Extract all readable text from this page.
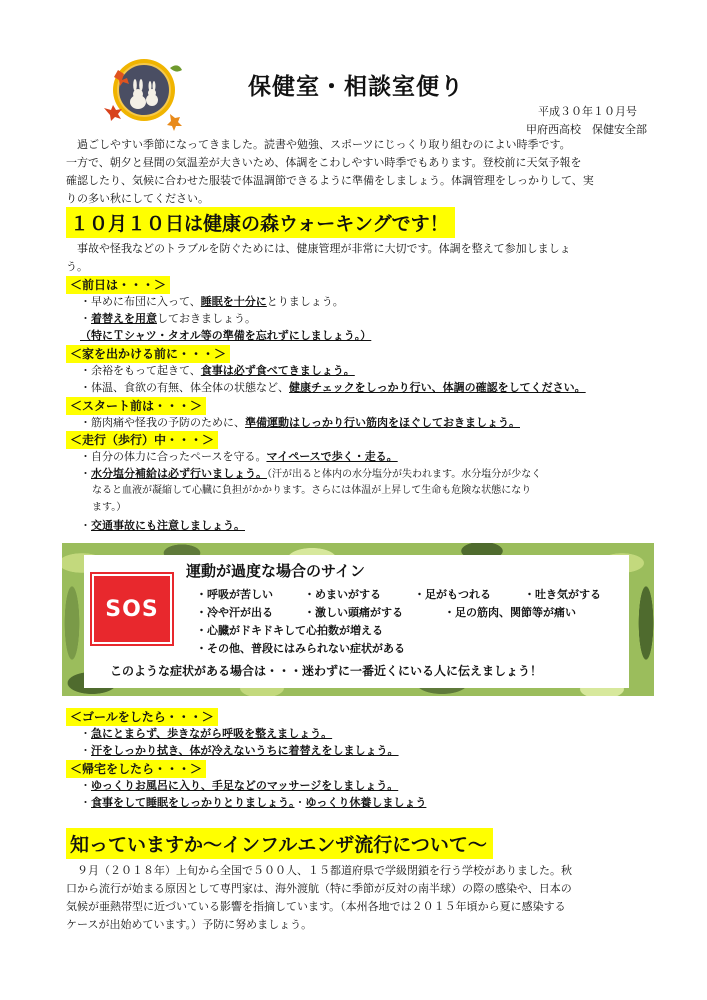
保健室・相談室便り
平成３０年１０月号
甲府西高校　保健安全部
　過ごしやすい季節になってきました。読書や勉強、スポーツにじっくり取り組むのによい時季です。
一方で、朝夕と昼間の気温差が大きいため、体調をこわしやすい時季でもあります。登校前に天気予報を
確認したり、気候に合わせた服装で体温調節できるように準備をしましょう。体調管理をしっかりして、実
りの多い秋にしてください。
１０月１０日は健康の森ウォーキングです！
　事故や怪我などのトラブルを防ぐためには、健康管理が非常に大切です。体調を整えて参加しましょ
う。
＜前日は・・・＞
・早めに布団に入って、睡眠を十分にとりましょう。
・着替えを用意しておきましょう。
（特にＴシャツ・タオル等の準備を忘れずにしましょう。）
＜家を出かける前に・・・＞
・余裕をもって起きて、食事は必ず食べてきましょう。
・体温、食欲の有無、体全体の状態など、健康チェックをしっかり行い、体調の確認をしてください。
＜スタート前は・・・＞
・筋肉痛や怪我の予防のために、準備運動はしっかり行い筋肉をほぐしておきましょう。
＜走行（歩行）中・・・＞
・自分の体力に合ったペースを守る。マイペースで歩く・走る。
・水分塩分補給は必ず行いましょう。（汗が出ると体内の水分塩分が失われます。水分塩分が少なく
なると血液が凝縮して心臓に負担がかかります。さらには体温が上昇して生命も危険な状態になり
ます。）
・交通事故にも注意しましょう。
SOS
運動が過度な場合のサイン
・呼吸が苦しい	・めまいがする	・足がもつれる	・吐き気がする
・冷や汗が出る	・激しい頭痛がする	・足の筋肉、関節等が痛い
・心臓がドキドキして心拍数が増える
・その他、普段にはみられない症状がある
このような症状がある場合は・・・迷わずに一番近くにいる人に伝えましょう！
＜ゴールをしたら・・・＞
・急にとまらず、歩きながら呼吸を整えましょう。
・汗をしっかり拭き、体が冷えないうちに着替えをしましょう。
＜帰宅をしたら・・・＞
・ゆっくりお風呂に入り、手足などのマッサージをしましょう。
・食事をして睡眠をしっかりとりましょう。・ゆっくり休養しましょう
知っていますか～インフルエンザ流行について～
　９月（２０１８年）上旬から全国で５００人、１５都道府県で学級閉鎖を行う学校がありました。秋
口から流行が始まる原因として専門家は、海外渡航（特に季節が反対の南半球）の際の感染や、日本の
気候が亜熱帯型に近づいている影響を指摘しています。（本州各地では２０１５年頃から夏に感染する
ケースが出始めています。）予防に努めましょう。
